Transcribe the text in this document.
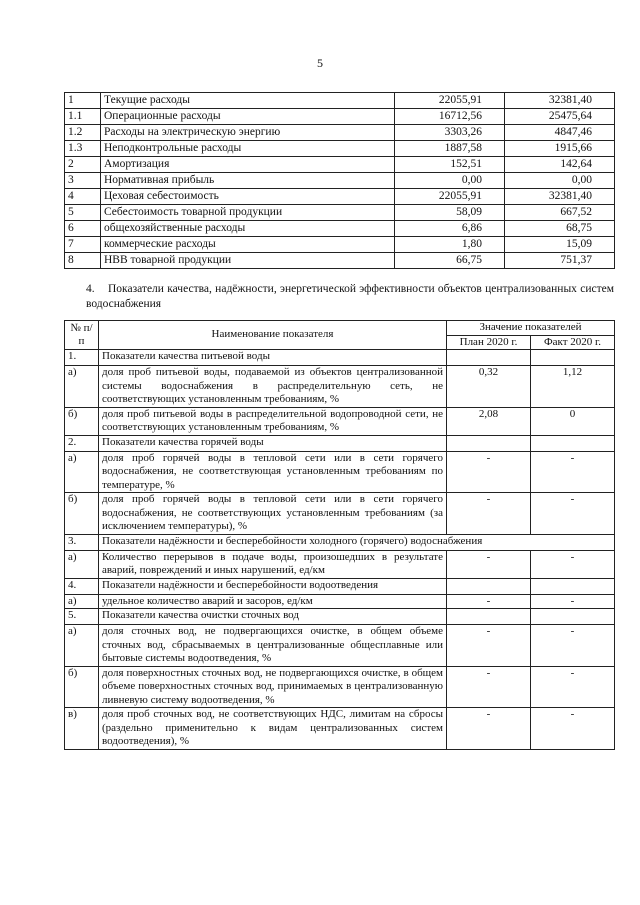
5
1	Текущие расходы	22055,91	32381,40
1.1	Операционные расходы	16712,56	25475,64
1.2	Расходы на электрическую энергию	3303,26	4847,46
1.3	Неподконтрольные расходы	1887,58	1915,66
2	Амортизация	152,51	142,64
3	Нормативная прибыль	0,00	0,00
4	Цеховая себестоимость	22055,91	32381,40
5	Себестоимость товарной продукции	58,09	667,52
6	общехозяйственные расходы	6,86	68,75
7	коммерческие расходы	1,80	15,09
8	НВВ товарной продукции	66,75	751,37
4. Показатели качества, надёжности, энергетической эффективности объектов централизованных систем водоснабжения
№ п/п	Наименование показателя	Значение показателей	
		План 2020 г.	Факт 2020 г.
1.	Показатели качества питьевой воды		
а)	доля проб питьевой воды, подаваемой из объектов централизованной системы водоснабжения в распределительную сеть, не соответствующих установленным требованиям, %	0,32	1,12
б)	доля проб питьевой воды в распределительной водопроводной сети, не соответствующих установленным требованиям, %	2,08	0
2.	Показатели качества горячей воды		
а)	доля проб горячей воды в тепловой сети или в сети горячего водоснабжения, не соответствующая установленным требованиям по температуре, %	-	-
б)	доля проб горячей воды в тепловой сети или в сети горячего водоснабжения, не соответствующих установленным требованиям (за исключением температуры), %	-	-
3.	Показатели надёжности и бесперебойности холодного (горячего) водоснабжения		
а)	Количество перерывов в подаче воды, произошедших в результате аварий, повреждений и иных нарушений, ед/км	-	-
4.	Показатели надёжности и бесперебойности водоотведения		
а)	удельное количество аварий и засоров, ед/км	-	-
5.	Показатели качества очистки сточных вод		
а)	доля сточных вод, не подвергающихся очистке, в общем объеме сточных вод, сбрасываемых в централизованные общесплавные или бытовые системы водоотведения, %	-	-
б)	доля поверхностных сточных вод, не подвергающихся очистке, в общем объеме поверхностных сточных вод, принимаемых в централизованную ливневую систему водоотведения, %	-	-
в)	доля проб сточных вод, не соответствующих НДС, лимитам на сбросы (раздельно применительно к видам централизованных систем водоотведения), %	-	-
